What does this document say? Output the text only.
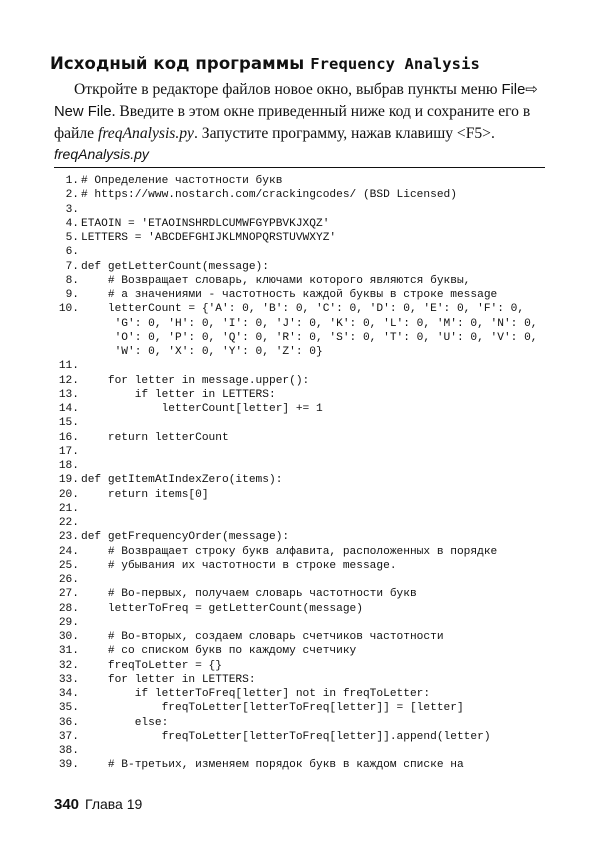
Исходный код программы Frequency Analysis
Откройте в редакторе файлов новое окно, выбрав пункты меню File⇨ New File. Введите в этом окне приведенный ниже код и сохраните его в файле freqAnalysis.py. Запустите программу, нажав клавишу <F5>.
freqAnalysis.py
1. # Определение частотности букв
2. # https://www.nostarch.com/crackingcodes/ (BSD Licensed)
3.
4. ETAOIN = 'ETAOINSHRDLCUMWFGYPBVKJXQZ'
5. LETTERS = 'ABCDEFGHIJKLMNOPQRSTUVWXYZ'
6.
7. def getLetterCount(message):
8. # Возвращает словарь, ключами которого являются буквы,
9. # а значениями - частотность каждой буквы в строке message
10. letterCount = {'A': 0, 'B': 0, 'C': 0, 'D': 0, 'E': 0, 'F': 0,
'G': 0, 'H': 0, 'I': 0, 'J': 0, 'K': 0, 'L': 0, 'M': 0, 'N': 0,
'O': 0, 'P': 0, 'Q': 0, 'R': 0, 'S': 0, 'T': 0, 'U': 0, 'V': 0,
'W': 0, 'X': 0, 'Y': 0, 'Z': 0}
11.
12. for letter in message.upper():
13. if letter in LETTERS:
14. letterCount[letter] += 1
15.
16. return letterCount
17.
18.
19. def getItemAtIndexZero(items):
20. return items[0]
21.
22.
23. def getFrequencyOrder(message):
24. # Возвращает строку букв алфавита, расположенных в порядке
25. # убывания их частотности в строке message.
26.
27. # Во-первых, получаем словарь частотности букв
28. letterToFreq = getLetterCount(message)
29.
30. # Во-вторых, создаем словарь счетчиков частотности
31. # со списком букв по каждому счетчику
32. freqToLetter = {}
33. for letter in LETTERS:
34. if letterToFreq[letter] not in freqToLetter:
35. freqToLetter[letterToFreq[letter]] = [letter]
36. else:
37. freqToLetter[letterToFreq[letter]].append(letter)
38.
39. # В-третьих, изменяем порядок букв в каждом списке на
340 Глава 19
